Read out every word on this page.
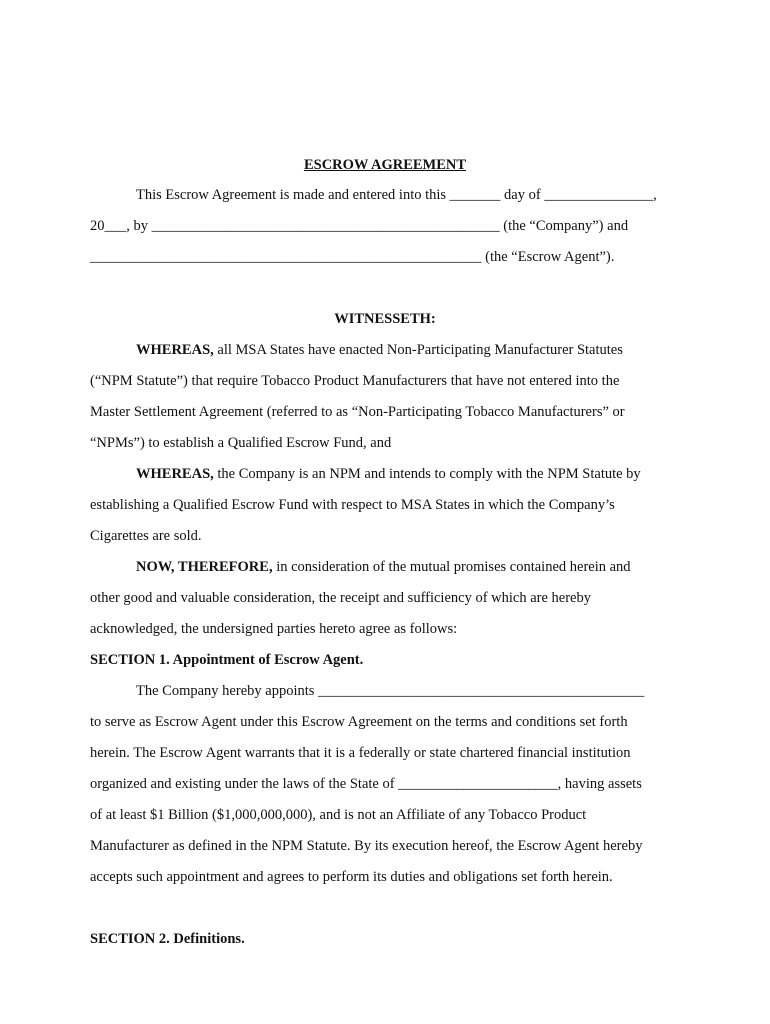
ESCROW AGREEMENT
This Escrow Agreement is made and entered into this _______ day of _______________,
20___, by ________________________________________________ (the “Company”) and
______________________________________________________ (the “Escrow Agent”).
WITNESSETH:
WHEREAS, all MSA States have enacted Non-Participating Manufacturer Statutes
(“NPM Statute”) that require Tobacco Product Manufacturers that have not entered into the
Master Settlement Agreement (referred to as “Non-Participating Tobacco Manufacturers” or
“NPMs”) to establish a Qualified Escrow Fund, and
WHEREAS, the Company is an NPM and intends to comply with the NPM Statute by
establishing a Qualified Escrow Fund with respect to MSA States in which the Company’s
Cigarettes are sold.
NOW, THEREFORE, in consideration of the mutual promises contained herein and
other good and valuable consideration, the receipt and sufficiency of which are hereby
acknowledged, the undersigned parties hereto agree as follows:
SECTION 1. Appointment of Escrow Agent.
The Company hereby appoints _____________________________________________
to serve as Escrow Agent under this Escrow Agreement on the terms and conditions set forth
herein. The Escrow Agent warrants that it is a federally or state chartered financial institution
organized and existing under the laws of the State of ______________________, having assets
of at least $1 Billion ($1,000,000,000), and is not an Affiliate of any Tobacco Product
Manufacturer as defined in the NPM Statute. By its execution hereof, the Escrow Agent hereby
accepts such appointment and agrees to perform its duties and obligations set forth herein.
SECTION 2. Definitions.
